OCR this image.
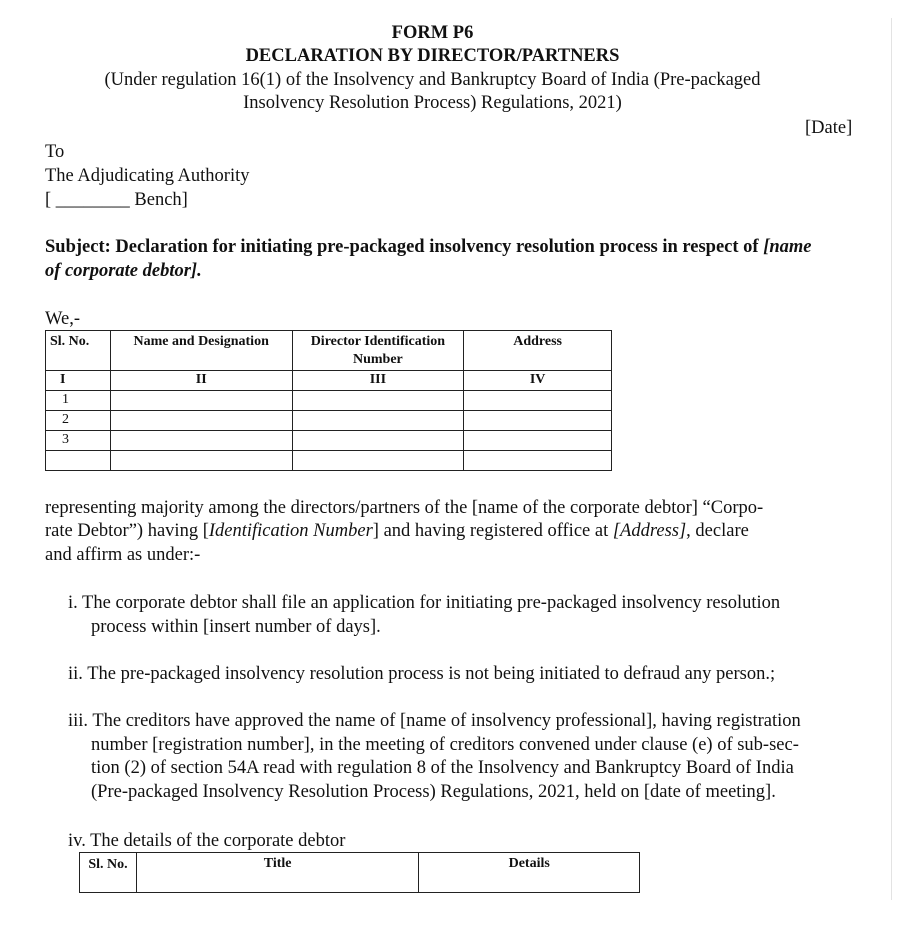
FORM P6
DECLARATION BY DIRECTOR/PARTNERS
(Under regulation 16(1) of the Insolvency and Bankruptcy Board of India (Pre-packaged
Insolvency Resolution Process) Regulations, 2021)
[Date]
To
The Adjudicating Authority
[ ________ Bench]
Subject: Declaration for initiating pre-packaged insolvency resolution process in respect of [name
of corporate debtor].
We,-
Sl. No.	Name and Designation	Director Identification Number	Address
I	II	III	IV
1			
2			
3			

representing majority among the directors/partners of the [name of the corporate debtor] “Corpo-
rate Debtor”) having [Identification Number] and having registered office at [Address], declare
and affirm as under:-
i. The corporate debtor shall file an application for initiating pre-packaged insolvency resolution
process within [insert number of days].
ii. The pre-packaged insolvency resolution process is not being initiated to defraud any person.;
iii. The creditors have approved the name of [name of insolvency professional], having registration
number [registration number], in the meeting of creditors convened under clause (e) of sub-sec-
tion (2) of section 54A read with regulation 8 of the Insolvency and Bankruptcy Board of India
(Pre-packaged Insolvency Resolution Process) Regulations, 2021, held on [date of meeting].
iv. The details of the corporate debtor
Sl. No.	Title	Details
